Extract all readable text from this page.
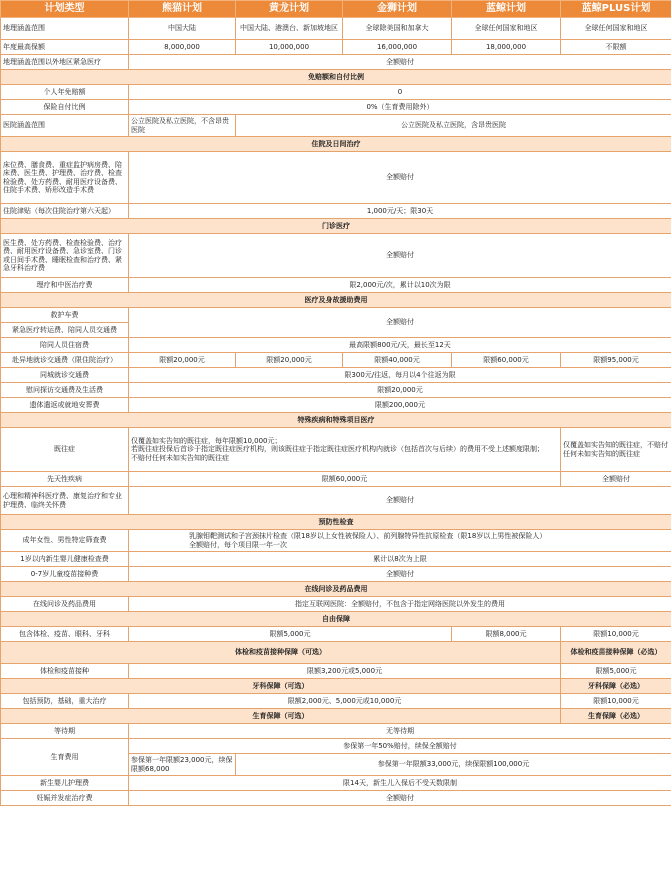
计划类型	熊猫计划	黄龙计划	金狮计划	蓝鲸计划	蓝鲸PLUS计划
地理涵盖范围	中国大陆	中国大陆、港澳台、新加坡地区	全球除美国和加拿大	全球任何国家和地区	全球任何国家和地区
年度最高保额	8,000,000	10,000,000	16,000,000	18,000,000	不限额
地理涵盖范围以外地区紧急医疗	全额赔付				
免赔额和自付比例					
个人年免赔额	0				
保险自付比例	0%（生育费用除外）				
医院涵盖范围	公立医院及私立医院，不含昂贵医院	公立医院及私立医院，含昂贵医院			
住院及日间治疗					
床位费、膳食费、重症监护病房费、陪床费、医生费、护理费、治疗费、检查检验费、处方药费、耐用医疗设备费、住院手术费、矫形改造手术费	全额赔付				
住院津贴（每次住院治疗第六天起）	1,000元/天；限30天				
门诊医疗					
医生费、处方药费、检查检验费、治疗费、耐用医疗设备费、急诊室费、门诊或日间手术费、睡眠检查和治疗费、紧急牙科治疗费	全额赔付				
理疗和中医治疗费	限2,000元/次，累计以10次为限				
医疗及身故援助费用					
救护车费	全额赔付				
紧急医疗转运费、陪同人员交通费					
陪同人员住宿费	最高限额800元/天，最长至12天				
赴异地就诊交通费（限住院治疗）	限额20,000元	限额20,000元	限额40,000元	限额60,000元	限额95,000元
同城就诊交通费	限300元/往返，每月以4个往返为限				
慰问探访交通费及生活费	限额20,000元				
遗体遣返或就地安葬费	限额200,000元				
特殊疾病和特殊项目医疗					
既往症	仅覆盖如实告知的既往症，每年限额10,000元；
若既往症投保后首诊于指定既往症医疗机构，则该既往症于指定既往症医疗机构内就诊（包括首次与后续）的费用不受上述额度限制；
不赔付任何未如实告知的既往症				仅覆盖如实告知的既往症，不赔付任何未如实告知的既往症
先天性疾病	限额60,000元				全额赔付
心理和精神科医疗费、康复治疗和专业护理费、临终关怀费	全额赔付				
预防性检查					
成年女性、男性特定筛查费	乳腺钼靶测试和子宫颈抹片检查（限18岁以上女性被保险人）、前列腺特异性抗原检查（限18岁以上男性被保险人）
全额赔付，每个项目限一年一次				
1岁以内新生婴儿健康检查费	累计以8次为上限				
0-7岁儿童疫苗接种费	全额赔付				
在线问诊及药品费用					
在线问诊及药品费用	指定互联网医院：全额赔付，不包含于指定网络医院以外发生的费用				
自由保障					
包含体检、疫苗、眼科、牙科	限额5,000元			限额8,000元	限额10,000元
体检和疫苗接种保障（可选）					体检和疫苗接种保障（必选）
体检和疫苗接种	限额3,200元或5,000元				限额5,000元
牙科保障（可选）					牙科保障（必选）
包括预防，基础，重大治疗	限额2,000元、5,000元或10,000元				限额10,000元
生育保障（可选）					生育保障（必选）
等待期	无等待期				
生育费用	参保第一年50%赔付，续保全额赔付				
	参保第一年限额23,000元，续保限额68,000	参保第一年限额33,000元，续保限额100,000元			
新生婴儿护理费	限14天，新生儿入保后不受天数限制				
妊娠并发症治疗费	全额赔付				
